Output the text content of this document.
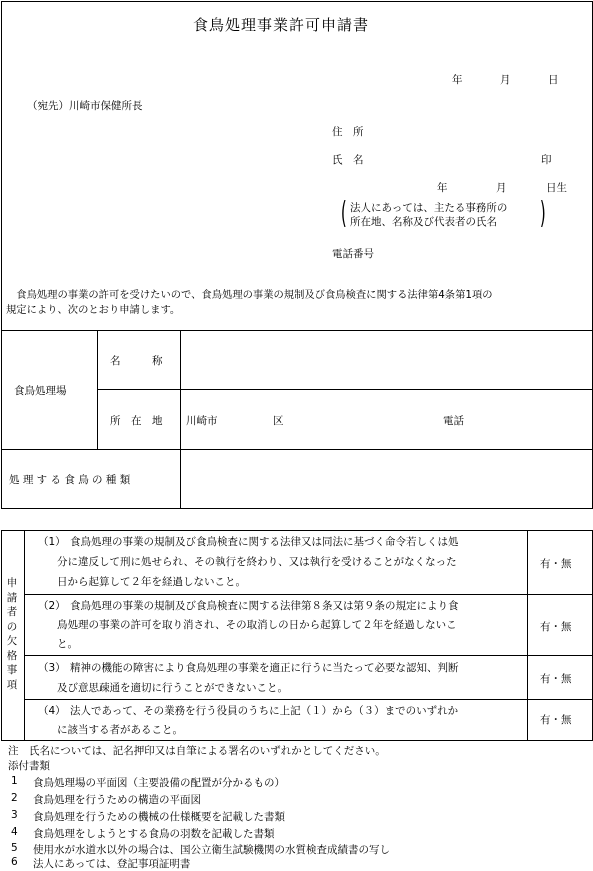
食鳥処理事業許可申請書
年	月	日
（宛先）川崎市保健所長
住　所
氏　名	印
年	月	日生
( 法人にあっては、主たる事務所の
所在地、名称及び代表者の氏名 )
電話番号
　食鳥処理の事業の許可を受けたいので、食鳥処理の事業の規制及び食鳥検査に関する法律第4条第1項の
規定により、次のとおり申請します。
食鳥処理場
名　　　称
所　在　地 川崎市	区	電話
処 理 す る 食 鳥 の 種 類
申
請
者
の
欠
格
事
項
（1） 食鳥処理の事業の規制及び食鳥検査に関する法律又は同法に基づく命令若しくは処
分に違反して刑に処せられ、その執行を終わり、又は執行を受けることがなくなった
日から起算して２年を経過しないこと。
有・無
（2） 食鳥処理の事業の規制及び食鳥検査に関する法律第８条又は第９条の規定により食
鳥処理の事業の許可を取り消され、その取消しの日から起算して２年を経過しないこ
と。
有・無
（3） 精神の機能の障害により食鳥処理の事業を適正に行うに当たって必要な認知、判断
及び意思疎通を適切に行うことができないこと。
有・無
（4） 法人であって、その業務を行う役員のうちに上記（１）から（３）までのいずれか
に該当する者があること。
有・無
注　氏名については、記名押印又は自筆による署名のいずれかとしてください。
添付書類
1 食鳥処理場の平面図（主要設備の配置が分かるもの）
2 食鳥処理を行うための構造の平面図
3 食鳥処理を行うための機械の仕様概要を記載した書類
4 食鳥処理をしようとする食鳥の羽数を記載した書類
5 使用水が水道水以外の場合は、国公立衛生試験機関の水質検査成績書の写し
6 法人にあっては、登記事項証明書
